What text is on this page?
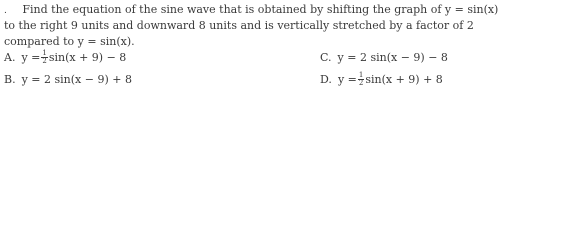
. Find the equation of the sine wave that is obtained by shifting the graph of y = sin(x)
to the right 9 units and downward 8 units and is vertically stretched by a factor of 2
compared to y = sin(x).
A. $y = \frac{1}{2} \sin(x + 9) - 8$
B. y = 2 sin(x − 9) + 8
C. y = 2 sin(x − 9) − 8
D. $y = \frac{1}{2} \sin(x + 9) + 8$
